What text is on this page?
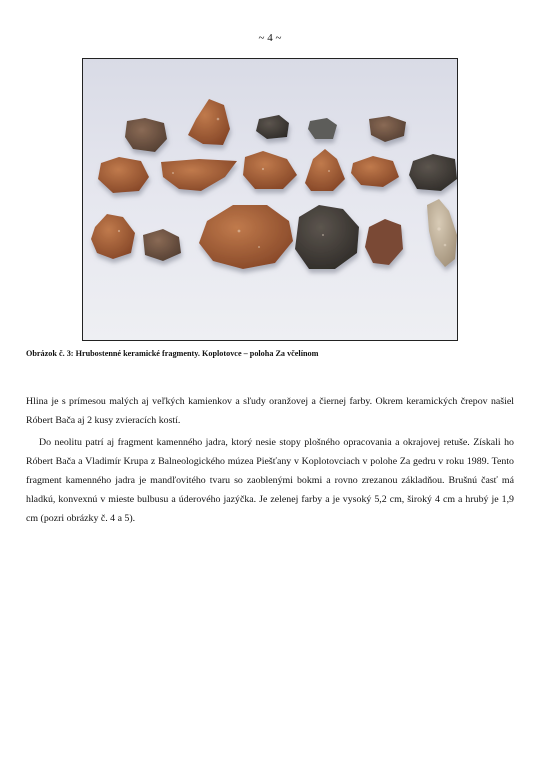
~ 4 ~
Obrázok č. 3: Hrubostenné keramické fragmenty. Koplotovce – poloha Za včelínom

Hlina je s prímesou malých aj veľkých kamienkov a sľudy oranžovej a čiernej farby. Okrem keramických črepov našiel Róbert Bača aj 2 kusy zvieracích kostí.

Do neolitu patrí aj fragment kamenného jadra, ktorý nesie stopy plošného opracovania a okrajovej retuše. Získali ho Róbert Bača a Vladimír Krupa z Balneologického múzea Piešťany v Koplotovciach v polohe Za gedru v roku 1989. Tento fragment kamenného jadra je mandľovitého tvaru so zaoblenými bokmi a rovno zrezanou základňou. Brušnú časť má hladkú, konvexnú v mieste bulbusu a úderového jazýčka. Je zelenej farby a je vysoký 5,2 cm, široký 4 cm a hrubý je 1,9 cm (pozri obrázky č. 4 a 5).
